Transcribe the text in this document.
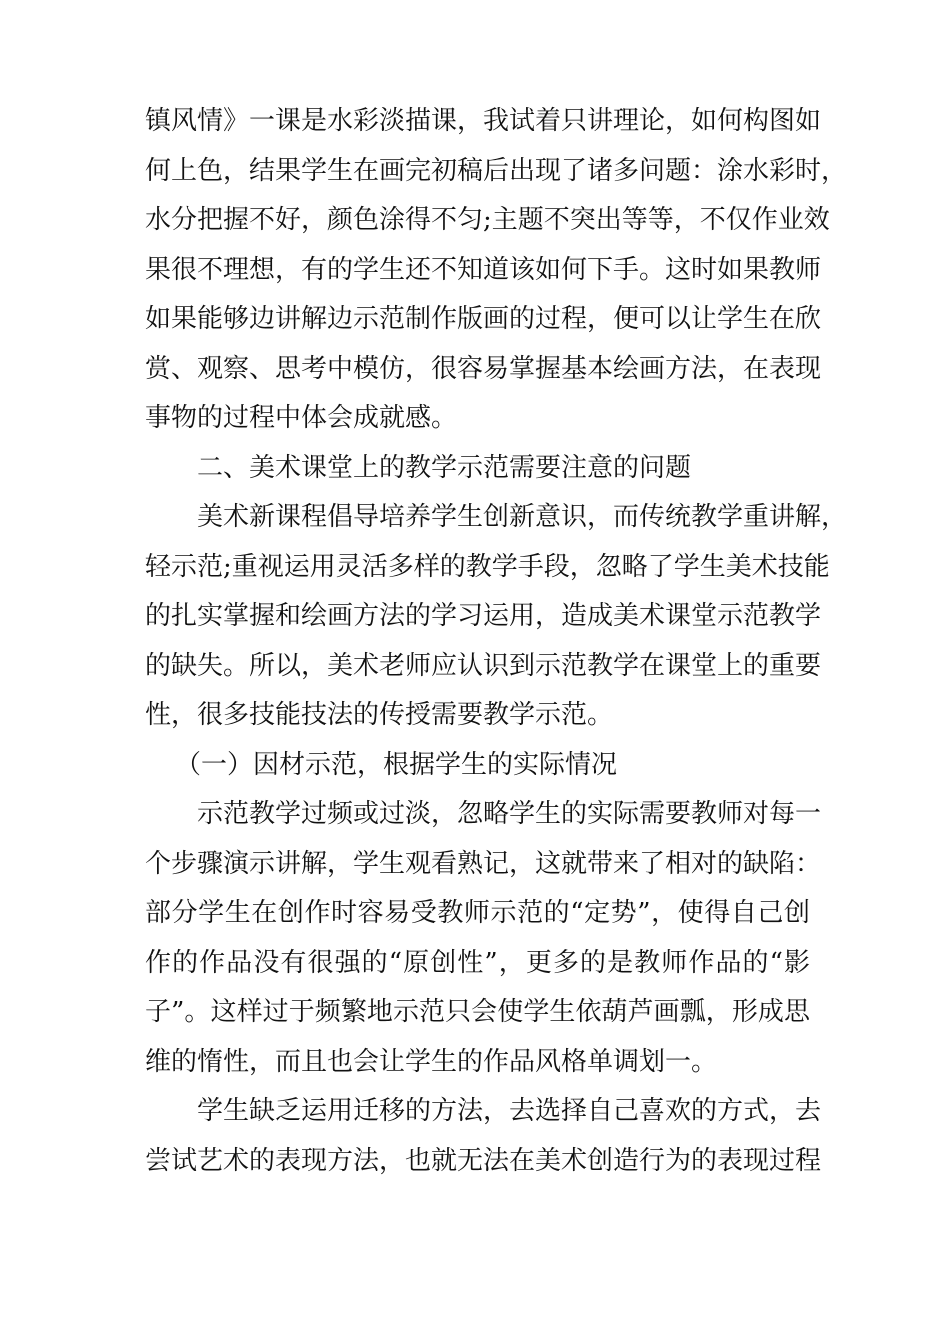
镇风情》一课是水彩淡描课，我试着只讲理论，如何构图如
何上色，结果学生在画完初稿后出现了诸多问题：涂水彩时，
水分把握不好，颜色涂得不匀;主题不突出等等，不仅作业效
果很不理想，有的学生还不知道该如何下手。这时如果教师
如果能够边讲解边示范制作版画的过程，便可以让学生在欣
赏、观察、思考中模仿，很容易掌握基本绘画方法，在表现
事物的过程中体会成就感。
二、美术课堂上的教学示范需要注意的问题
美术新课程倡导培养学生创新意识，而传统教学重讲解，
轻示范;重视运用灵活多样的教学手段，忽略了学生美术技能
的扎实掌握和绘画方法的学习运用，造成美术课堂示范教学
的缺失。所以，美术老师应认识到示范教学在课堂上的重要
性，很多技能技法的传授需要教学示范。
（一）因材示范，根据学生的实际情况
示范教学过频或过淡，忽略学生的实际需要教师对每一
个步骤演示讲解，学生观看熟记，这就带来了相对的缺陷：
部分学生在创作时容易受教师示范的“定势”，使得自己创
作的作品没有很强的“原创性”，更多的是教师作品的“影
子”。这样过于频繁地示范只会使学生依葫芦画瓢，形成思
维的惰性，而且也会让学生的作品风格单调划一。
学生缺乏运用迁移的方法，去选择自己喜欢的方式，去
尝试艺术的表现方法，也就无法在美术创造行为的表现过程
